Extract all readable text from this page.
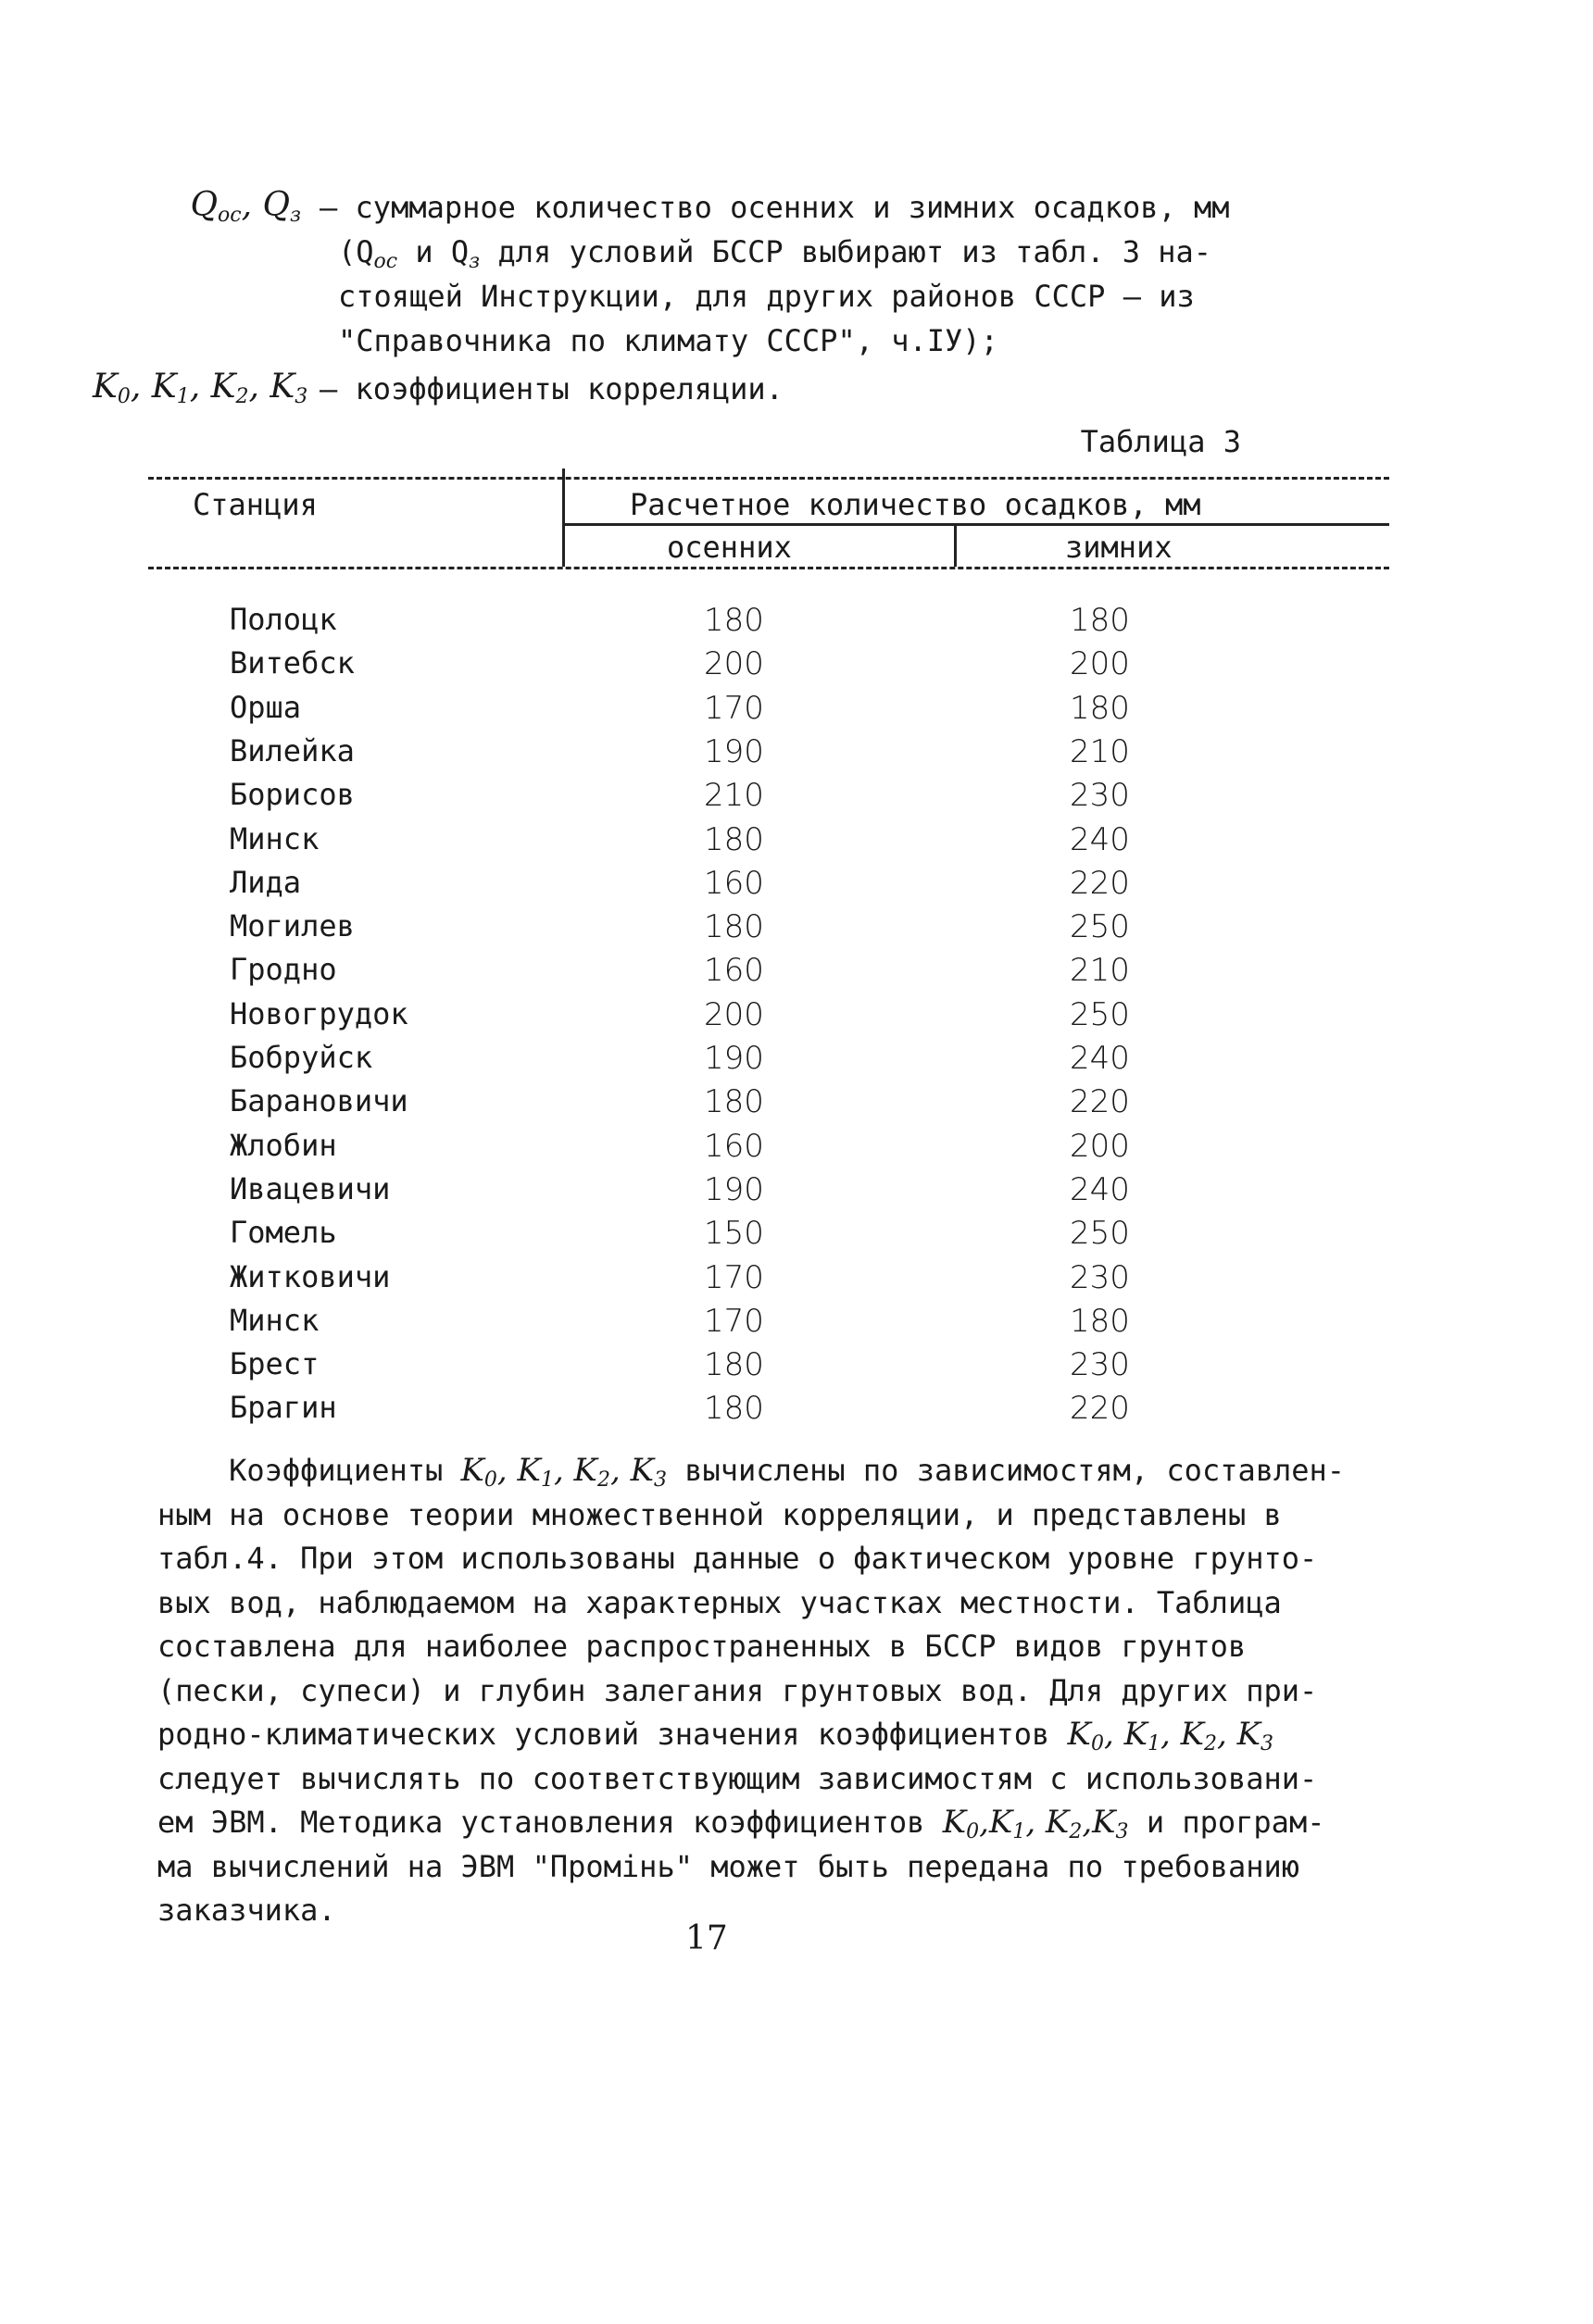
$Q_{ос}$, $Q_з$ – суммарное количество осенних и зимних осадков, мм
($Q_{ос}$ и $Q_з$ для условий БССР выбирают из табл. 3 на-
стоящей Инструкции, для других районов СССР – из
"Справочника по климату СССР", ч.IУ);
$K_0$, $K_1$, $K_2$, $K_3$ – коэффициенты корреляции.
Таблица 3
Станция	Расчетное количество осадков, мм
осенних	зимних
Полоцк	180	180
Витебск	200	200
Орша	170	180
Вилейка	190	210
Борисов	210	230
Минск	180	240
Лида	160	220
Могилев	180	250
Гродно	160	210
Новогрудок	200	250
Бобруйск	190	240
Барановичи	180	220
Жлобин	160	200
Ивацевичи	190	240
Гомель	150	250
Житковичи	170	230
Минск	170	180
Брест	180	230
Брагин	180	220
Коэффициенты $K_0$, $K_1$, $K_2$, $K_3$ вычислены по зависимостям, составлен-
ным на основе теории множественной корреляции, и представлены в
табл.4. При этом использованы данные о фактическом уровне грунто-
вых вод, наблюдаемом на характерных участках местности. Таблица
составлена для наиболее распространенных в БССР видов грунтов
(пески, супеси) и глубин залегания грунтовых вод. Для других при-
родно-климатических условий значения коэффициентов $K_0$, $K_1$, $K_2$, $K_3$
следует вычислять по соответствующим зависимостям с использовани-
ем ЭВМ. Методика установления коэффициентов $K_0,K_1$, $K_2,K_3$ и програм-
ма вычислений на ЭВМ "Промінь" может быть передана по требованию
заказчика.
17
